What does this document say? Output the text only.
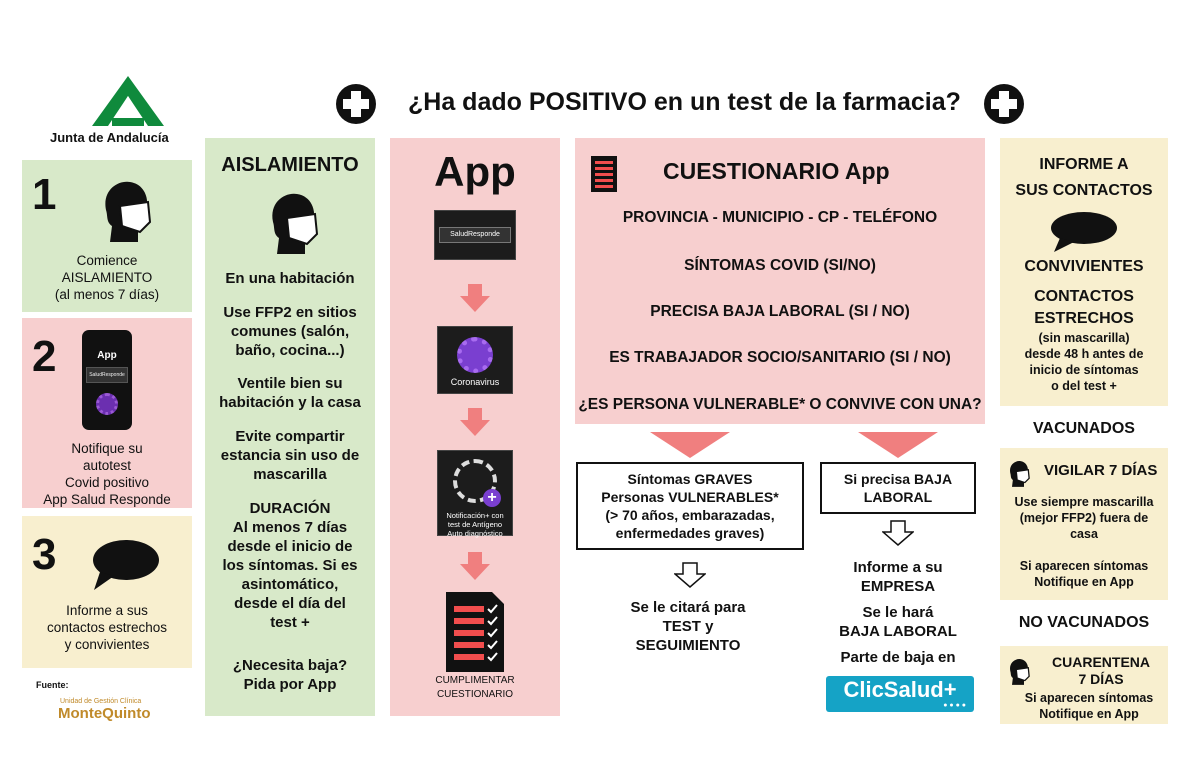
Junta de Andalucía
¿Ha dado POSITIVO en un test de la farmacia?
1
Comience
AISLAMIENTO
(al menos 7 días)
2	App
SaludResponde
Notifique su
autotest
Covid positivo
App Salud Responde
3
Informe a sus
contactos estrechos
y convivientes
Fuente:
Unidad de Gestión Clínica
MonteQuinto
AISLAMIENTO
En una habitación
Use FFP2 en sitios
comunes (salón,
baño, cocina...)
Ventile bien su
habitación y la casa
Evite compartir
estancia sin uso de
mascarilla
DURACIÓN
Al menos 7 días
desde el inicio de
los síntomas. Si es
asintomático,
desde el día del
test +
¿Necesita baja?
Pida por App
App
SaludResponde
Coronavirus
+
Notificación+ con test de Antígeno Auto diagnóstico
CUMPLIMENTAR
CUESTIONARIO
CUESTIONARIO App
PROVINCIA - MUNICIPIO - CP - TELÉFONO
SÍNTOMAS COVID (SI/NO)
PRECISA BAJA LABORAL (SI / NO)
ES TRABAJADOR SOCIO/SANITARIO (SI / NO)
¿ES PERSONA VULNERABLE* O CONVIVE CON UNA?
Síntomas GRAVES
Personas VULNERABLES*
(> 70 años, embarazadas,
enfermedades graves)
Se le citará para
TEST y
SEGUIMIENTO
Si precisa BAJA
LABORAL
Informe a su
EMPRESA
Se le hará
BAJA LABORAL
Parte de baja en
ClicSalud+
● ● ● ●
INFORME A
SUS CONTACTOS
CONVIVIENTES
CONTACTOS
ESTRECHOS
(sin mascarilla)
desde 48 h antes de
inicio de síntomas
o del test +
VACUNADOS
VIGILAR 7 DÍAS
Use siempre mascarilla
(mejor FFP2) fuera de
casa
Si aparecen síntomas
Notifique en App
NO VACUNADOS
CUARENTENA
7 DÍAS
Si aparecen síntomas
Notifique en App
